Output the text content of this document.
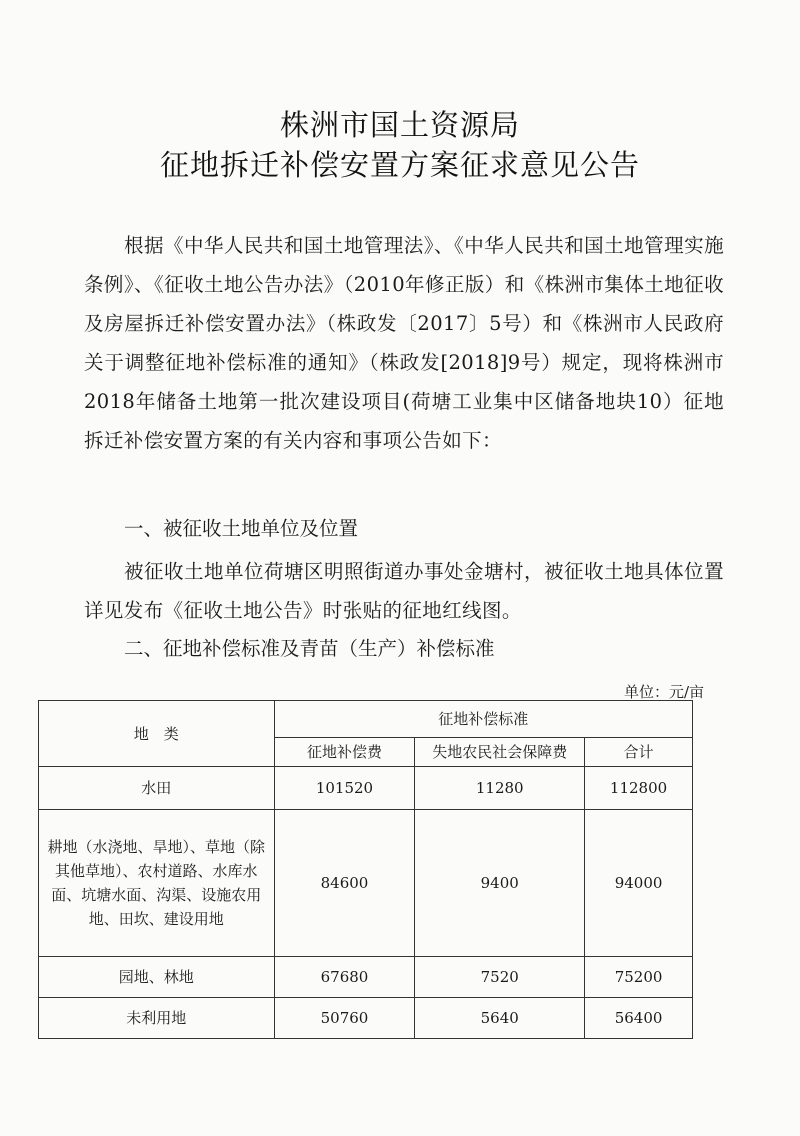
株洲市国土资源局
征地拆迁补偿安置方案征求意见公告
根据《中华人民共和国土地管理法》、《中华人民共和国土地管理实施条例》、《征收土地公告办法》（2010年修正版）和《株洲市集体土地征收及房屋拆迁补偿安置办法》（株政发〔2017〕5号）和《株洲市人民政府关于调整征地补偿标准的通知》（株政发[2018]9号）规定，现将株洲市2018年储备土地第一批次建设项目(荷塘工业集中区储备地块10）征地拆迁补偿安置方案的有关内容和事项公告如下：
一、被征收土地单位及位置
被征收土地单位荷塘区明照街道办事处金塘村，被征收土地具体位置详见发布《征收土地公告》时张贴的征地红线图。
二、征地补偿标准及青苗（生产）补偿标准
单位：元/亩
地　类	征地补偿标准		
	征地补偿费	失地农民社会保障费	合计
水田	101520	11280	112800
耕地（水浇地、旱地）、草地（除其他草地）、农村道路、水库水面、坑塘水面、沟渠、设施农用地、田坎、建设用地	84600	9400	94000
园地、林地	67680	7520	75200
未利用地	50760	5640	56400
